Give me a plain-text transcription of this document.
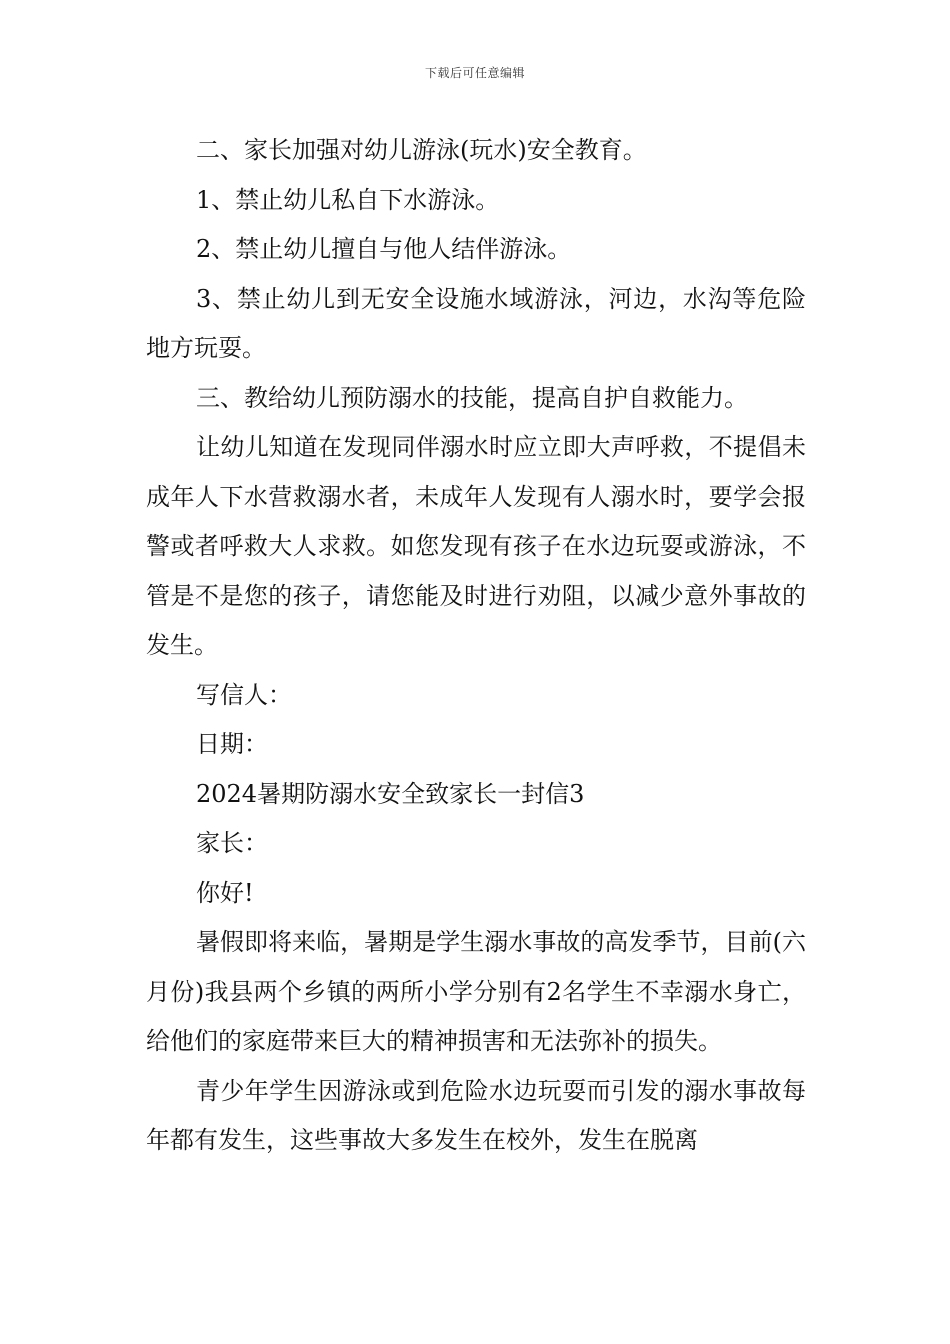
下载后可任意编辑

二、家长加强对幼儿游泳(玩水)安全教育。

1、禁止幼儿私自下水游泳。

2、禁止幼儿擅自与他人结伴游泳。

3、禁止幼儿到无安全设施水域游泳，河边，水沟等危险地方玩耍。

三、教给幼儿预防溺水的技能，提高自护自救能力。

让幼儿知道在发现同伴溺水时应立即大声呼救，不提倡未成年人下水营救溺水者，未成年人发现有人溺水时，要学会报警或者呼救大人求救。如您发现有孩子在水边玩耍或游泳，不管是不是您的孩子，请您能及时进行劝阻，以减少意外事故的发生。

写信人：

日期：

2024暑期防溺水安全致家长一封信3

家长：

你好!

暑假即将来临，暑期是学生溺水事故的高发季节，目前(六月份)我县两个乡镇的两所小学分别有2名学生不幸溺水身亡，给他们的家庭带来巨大的精神损害和无法弥补的损失。

青少年学生因游泳或到危险水边玩耍而引发的溺水事故每年都有发生，这些事故大多发生在校外，发生在脱离
